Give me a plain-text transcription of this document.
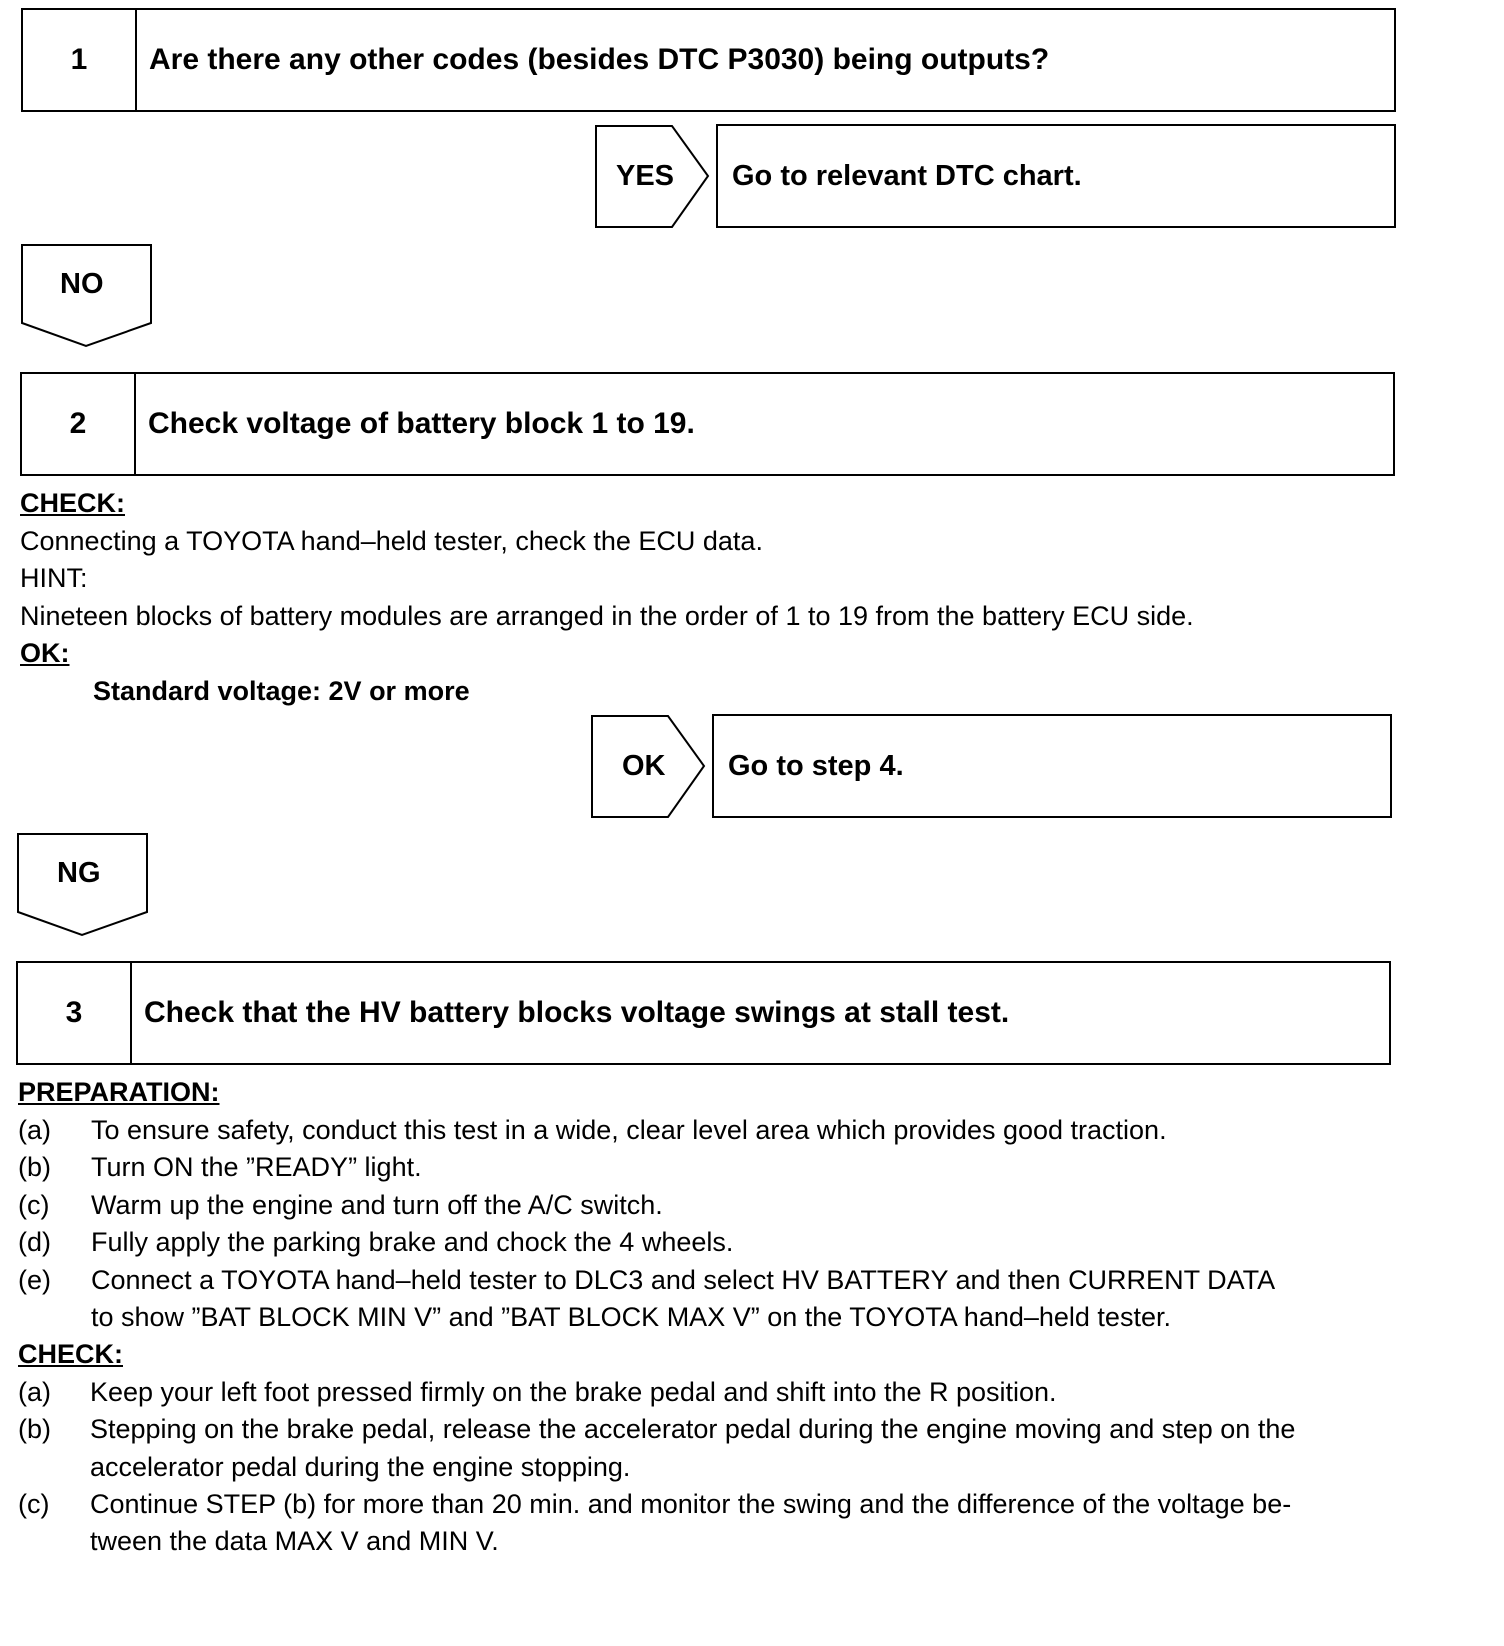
1	Are there any other codes (besides DTC P3030) being outputs?
YES	Go to relevant DTC chart.
NO
2	Check voltage of battery block 1 to 19.
CHECK:
Connecting a TOYOTA hand–held tester, check the ECU data.
HINT:
Nineteen blocks of battery modules are arranged in the order of 1 to 19 from the battery ECU side.
OK:
Standard voltage: 2V or more
OK	Go to step 4.
NG
3	Check that the HV battery blocks voltage swings at stall test.
PREPARATION:
(a) To ensure safety, conduct this test in a wide, clear level area which provides good traction.
(b) Turn ON the ”READY” light.
(c) Warm up the engine and turn off the A/C switch.
(d) Fully apply the parking brake and chock the 4 wheels.
(e) Connect a TOYOTA hand–held tester to DLC3 and select HV BATTERY and then CURRENT DATA
to show ”BAT BLOCK MIN V” and ”BAT BLOCK MAX V” on the TOYOTA hand–held tester.
CHECK:
(a) Keep your left foot pressed firmly on the brake pedal and shift into the R position.
(b) Stepping on the brake pedal, release the accelerator pedal during the engine moving and step on the
accelerator pedal during the engine stopping.
(c) Continue STEP (b) for more than 20 min. and monitor the swing and the difference of the voltage be-
tween the data MAX V and MIN V.
